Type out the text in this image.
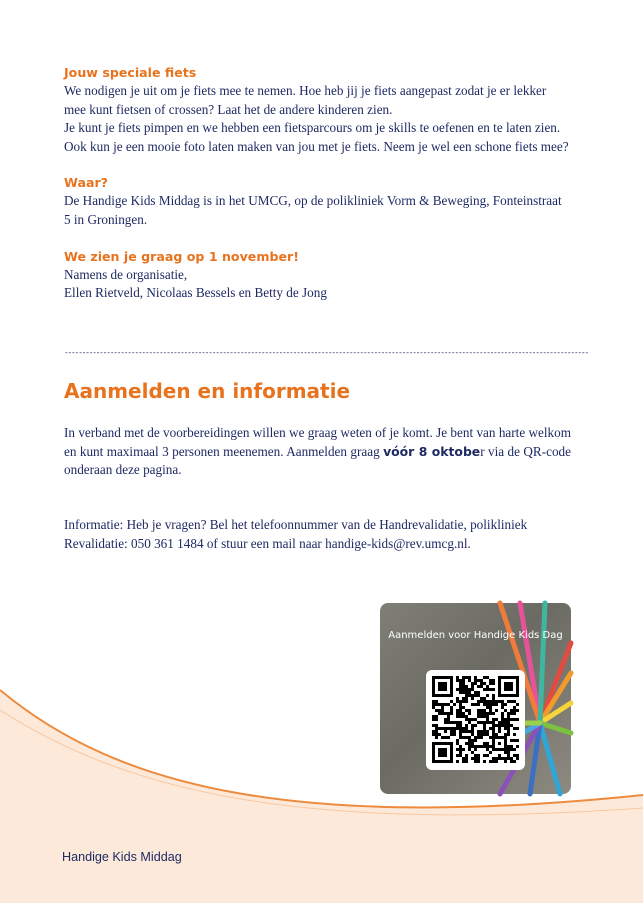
Jouw speciale fiets

We nodigen je uit om je fiets mee te nemen. Hoe heb jij je fiets aangepast zodat je er lekker mee kunt fietsen of crossen? Laat het de andere kinderen zien.

Je kunt je fiets pimpen en we hebben een fietsparcours om je skills te oefenen en te laten zien. Ook kun je een mooie foto laten maken van jou met je fiets. Neem je wel een schone fiets mee?

Waar?

De Handige Kids Middag is in het UMCG, op de polikliniek Vorm & Beweging, Fonteinstraat 5 in Groningen.

We zien je graag op 1 november!

Namens de organisatie,

Ellen Rietveld, Nicolaas Bessels en Betty de Jong

-----------------------------------------------------------------------------------------------------------------------------------------------------
Aanmelden en informatie
In verband met de voorbereidingen willen we graag weten of je komt. Je bent van harte welkom en kunt maximaal 3 personen meenemen. Aanmelden graag vóór 8 oktober via de QR-code onderaan deze pagina.

Informatie: Heb je vragen? Bel het telefoonnummer van de Handrevalidatie, polikliniek

Revalidatie: 050 361 1484 of stuur een mail naar handige-kids@rev.umcg.nl.

Aanmelden voor Handige Kids Dag
Handige Kids Middag
